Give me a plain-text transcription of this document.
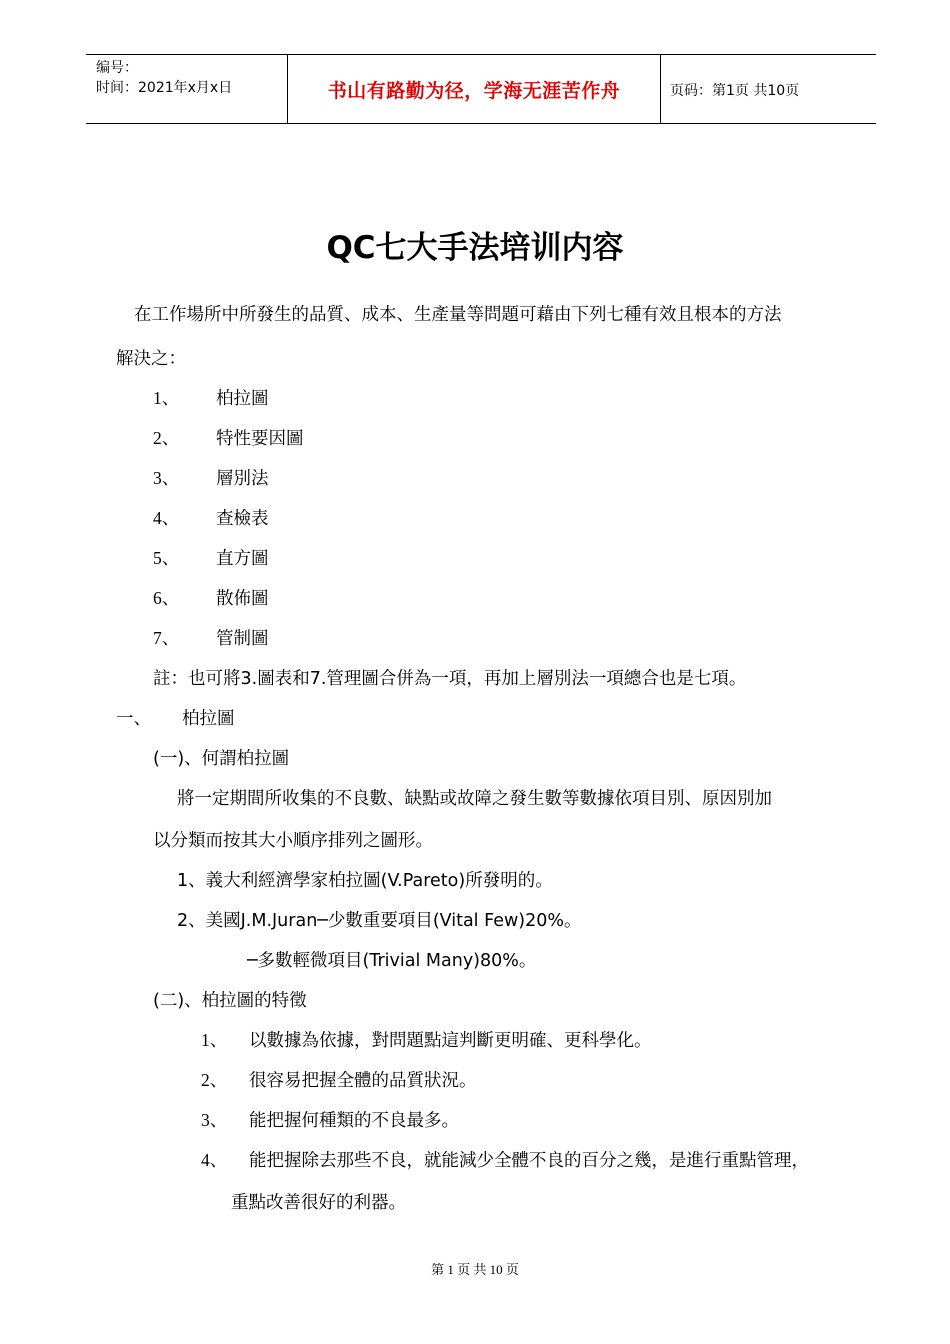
编号：
时间：2021年x月x日	书山有路勤为径，学海无涯苦作舟	页码：第1页 共10页
QC七大手法培训内容
在工作場所中所發生的品質、成本、生產量等問題可藉由下列七種有效且根本的方法
解決之：
1、 柏拉圖
2、 特性要因圖
3、 層別法
4、 查檢表
5、 直方圖
6、 散佈圖
7、 管制圖
註：也可將3.圖表和7.管理圖合併為一項，再加上層別法一項總合也是七項。
一、 柏拉圖
(一)、何謂柏拉圖
將一定期間所收集的不良數、缺點或故障之發生數等數據依項目別、原因別加
以分類而按其大小順序排列之圖形。
1、義大利經濟學家柏拉圖(V.Pareto)所發明的。
2、美國J.M.Juran─少數重要項目(Vital Few)20%。
─多數輕微項目(Trivial Many)80%。
(二)、柏拉圖的特徵
1、 以數據為依據，對問題點這判斷更明確、更科學化。
2、 很容易把握全體的品質狀況。
3、 能把握何種類的不良最多。
4、 能把握除去那些不良，就能減少全體不良的百分之幾，是進行重點管理，
重點改善很好的利器。
第 1 页 共 10 页
